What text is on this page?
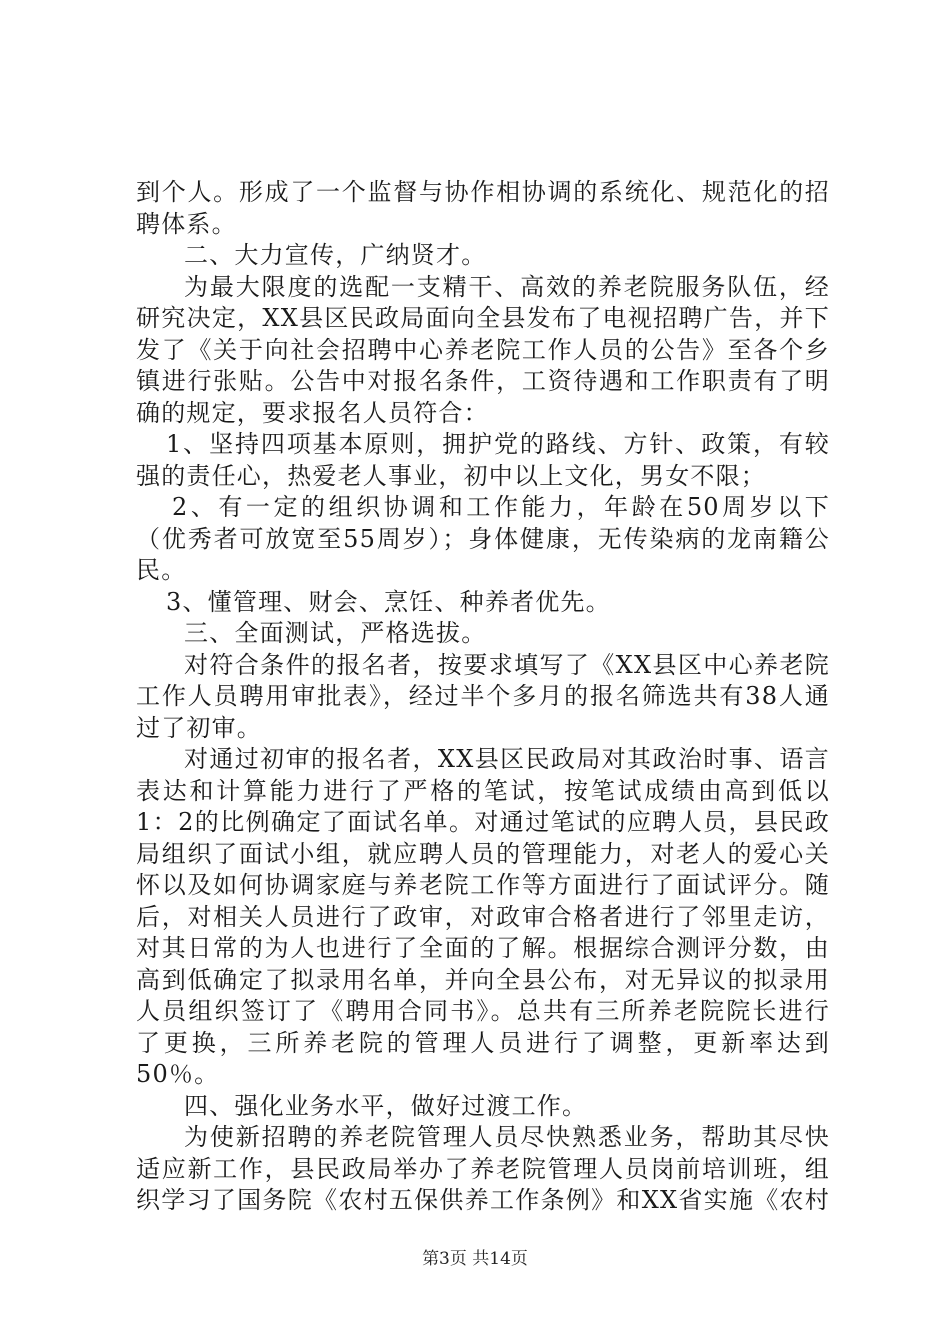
到个人。形成了一个监督与协作相协调的系统化、规范化的招
聘体系。
二、大力宣传，广纳贤才。
为最大限度的选配一支精干、高效的养老院服务队伍，经
研究决定，XX县区民政局面向全县发布了电视招聘广告，并下
发了《关于向社会招聘中心养老院工作人员的公告》至各个乡
镇进行张贴。公告中对报名条件，工资待遇和工作职责有了明
确的规定，要求报名人员符合：
1、坚持四项基本原则，拥护党的路线、方针、政策，有较
强的责任心，热爱老人事业，初中以上文化，男女不限；
2、有一定的组织协调和工作能力，年龄在50周岁以下
（优秀者可放宽至55周岁）；身体健康，无传染病的龙南籍公
民。
3、懂管理、财会、烹饪、种养者优先。
三、全面测试，严格选拔。
对符合条件的报名者，按要求填写了《XX县区中心养老院
工作人员聘用审批表》，经过半个多月的报名筛选共有38人通
过了初审。
对通过初审的报名者，XX县区民政局对其政治时事、语言
表达和计算能力进行了严格的笔试，按笔试成绩由高到低以
1：2的比例确定了面试名单。对通过笔试的应聘人员，县民政
局组织了面试小组，就应聘人员的管理能力，对老人的爱心关
怀以及如何协调家庭与养老院工作等方面进行了面试评分。随
后，对相关人员进行了政审，对政审合格者进行了邻里走访，
对其日常的为人也进行了全面的了解。根据综合测评分数，由
高到低确定了拟录用名单，并向全县公布，对无异议的拟录用
人员组织签订了《聘用合同书》。总共有三所养老院院长进行
了更换，三所养老院的管理人员进行了调整，更新率达到
50％。
四、强化业务水平，做好过渡工作。
为使新招聘的养老院管理人员尽快熟悉业务，帮助其尽快
适应新工作，县民政局举办了养老院管理人员岗前培训班，组
织学习了国务院《农村五保供养工作条例》和XX省实施《农村
第3页 共14页
